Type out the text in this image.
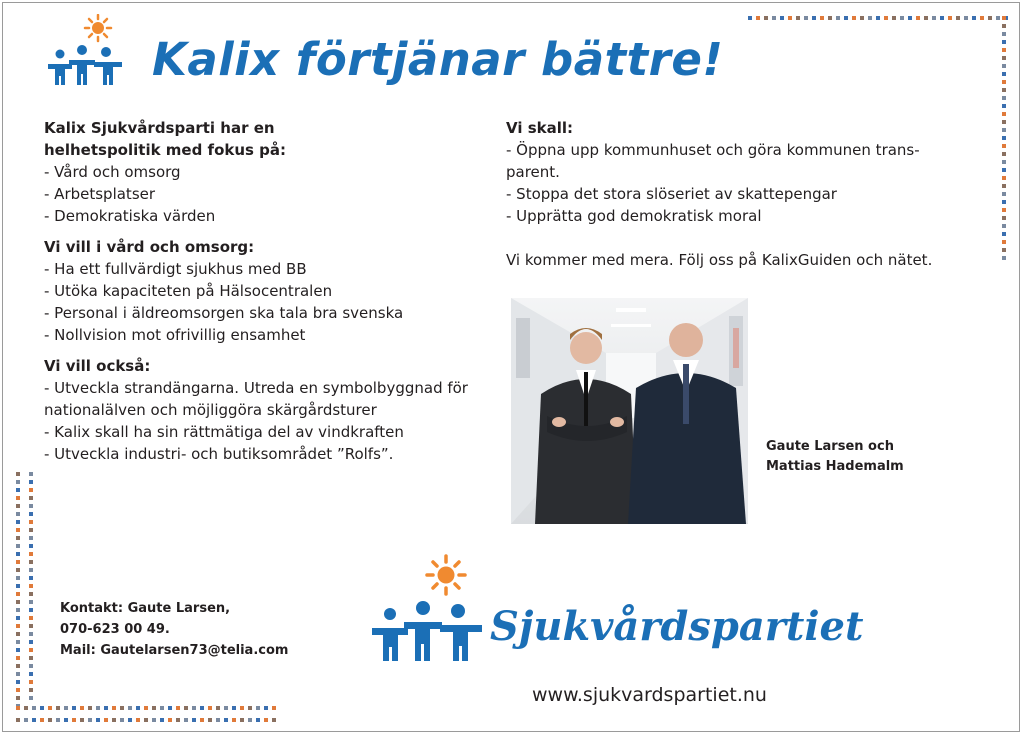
Kalix förtjänar bättre!

Kalix Sjukvårdsparti har en

helhetspolitik med fokus på:

- Vård och omsorg

- Arbetsplatser

- Demokratiska värden

Vi vill i vård och omsorg:

- Ha ett fullvärdigt sjukhus med BB

- Utöka kapaciteten på Hälsocentralen

- Personal i äldreomsorgen ska tala bra svenska

- Nollvision mot ofrivillig ensamhet

Vi vill också:

- Utveckla strandängarna. Utreda en symbolbyggnad för

nationalälven och möjliggöra skärgårdsturer

- Kalix skall ha sin rättmätiga del av vindkraften

- Utveckla industri- och butiksområdet ”Rolfs”.

Vi skall:

- Öppna upp kommunhuset och göra kommunen trans-

parent.

- Stoppa det stora slöseriet av skattepengar

- Upprätta god demokratisk moral

Vi kommer med mera. Följ oss på KalixGuiden och nätet.

Gaute Larsen och
Mattias Hademalm
Kontakt: Gaute Larsen,
070-623 00 49.
Mail: Gautelarsen73@telia.com
Sjukvårdspartiet
www.sjukvardspartiet.nu
